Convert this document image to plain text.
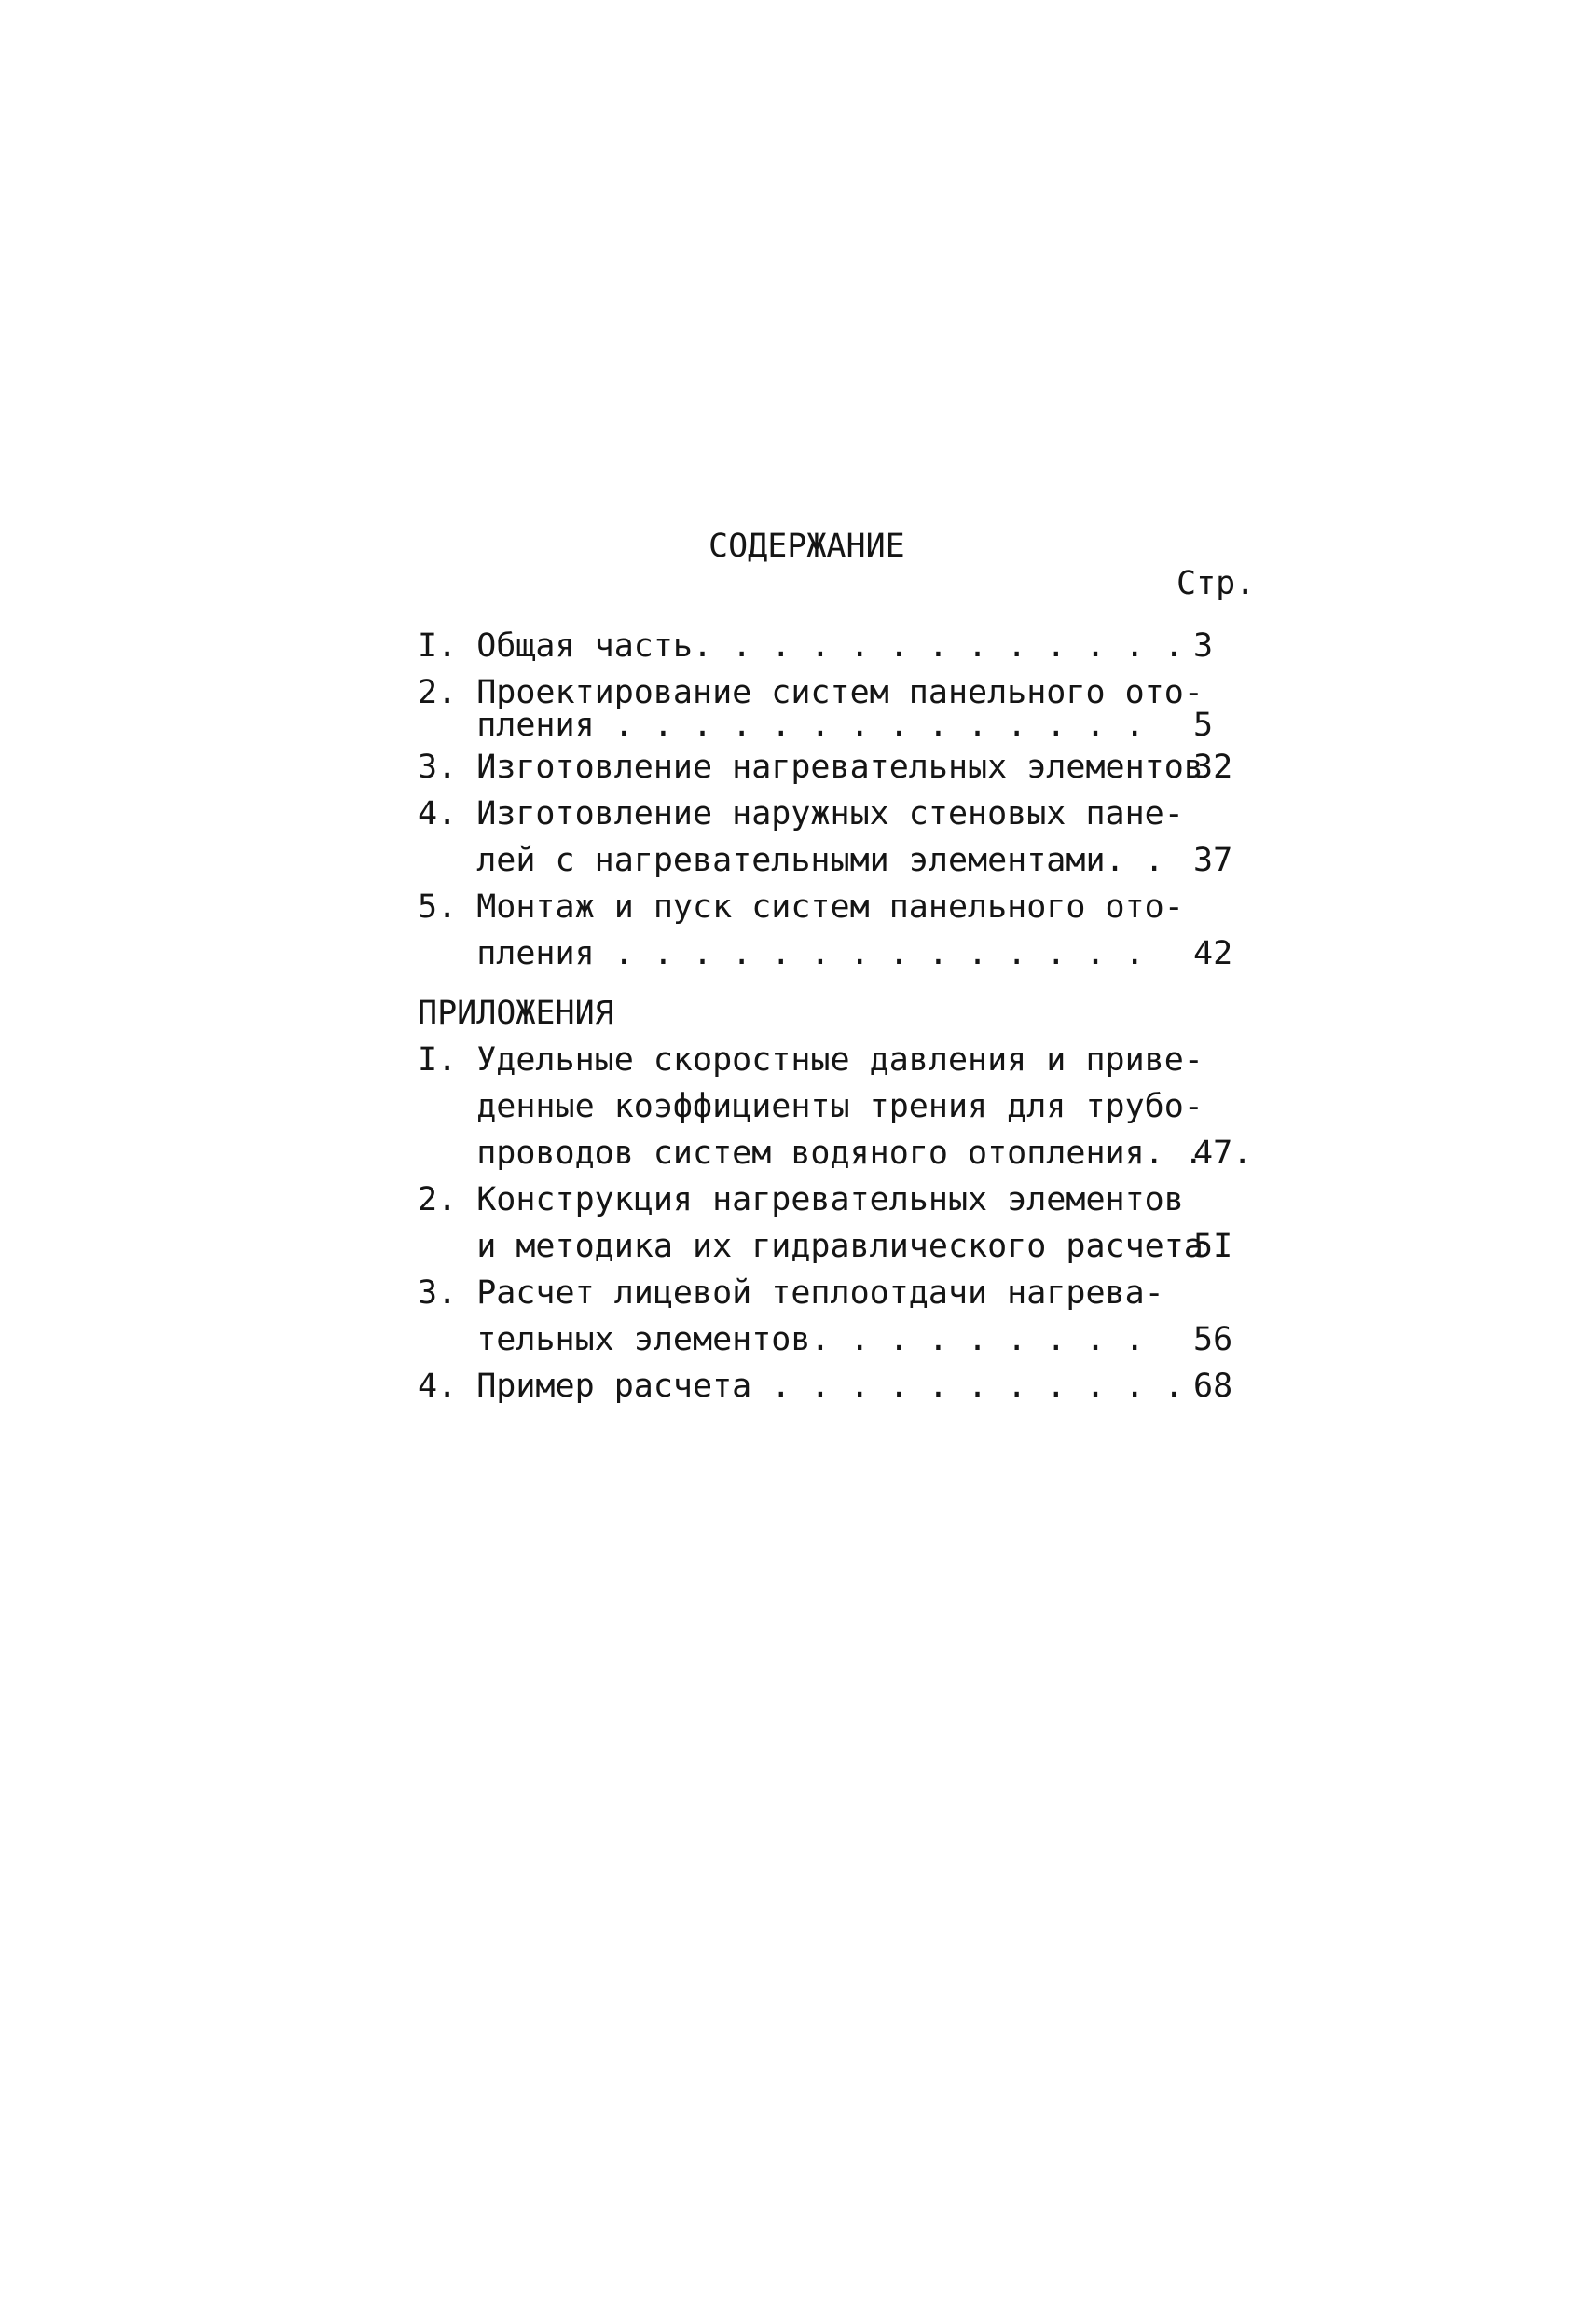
СОДЕРЖАНИЕ
Стр.
I. Общая часть. . . . . . . . . . . . . 3
2. Проектирование систем панельного ото-
пления . . . . . . . . . . . . . . 5
3. Изготовление нагревательных элементов
32
4. Изготовление наружных стеновых пане-
лей с нагревательными элементами. . 37
5. Монтаж и пуск систем панельного ото-
пления . . . . . . . . . . . . . . 42
ПРИЛОЖЕНИЯ
I. Удельные скоростные давления и приве-
денные коэффициенты трения для трубо-
проводов систем водяного отопления. .
47.
2. Конструкция нагревательных элементов
и методика их гидравлического расчета
5I
3. Расчет лицевой теплоотдачи нагрева-
тельных элементов. . . . . . . . . 56
4. Пример расчета . . . . . . . . . . . 68
